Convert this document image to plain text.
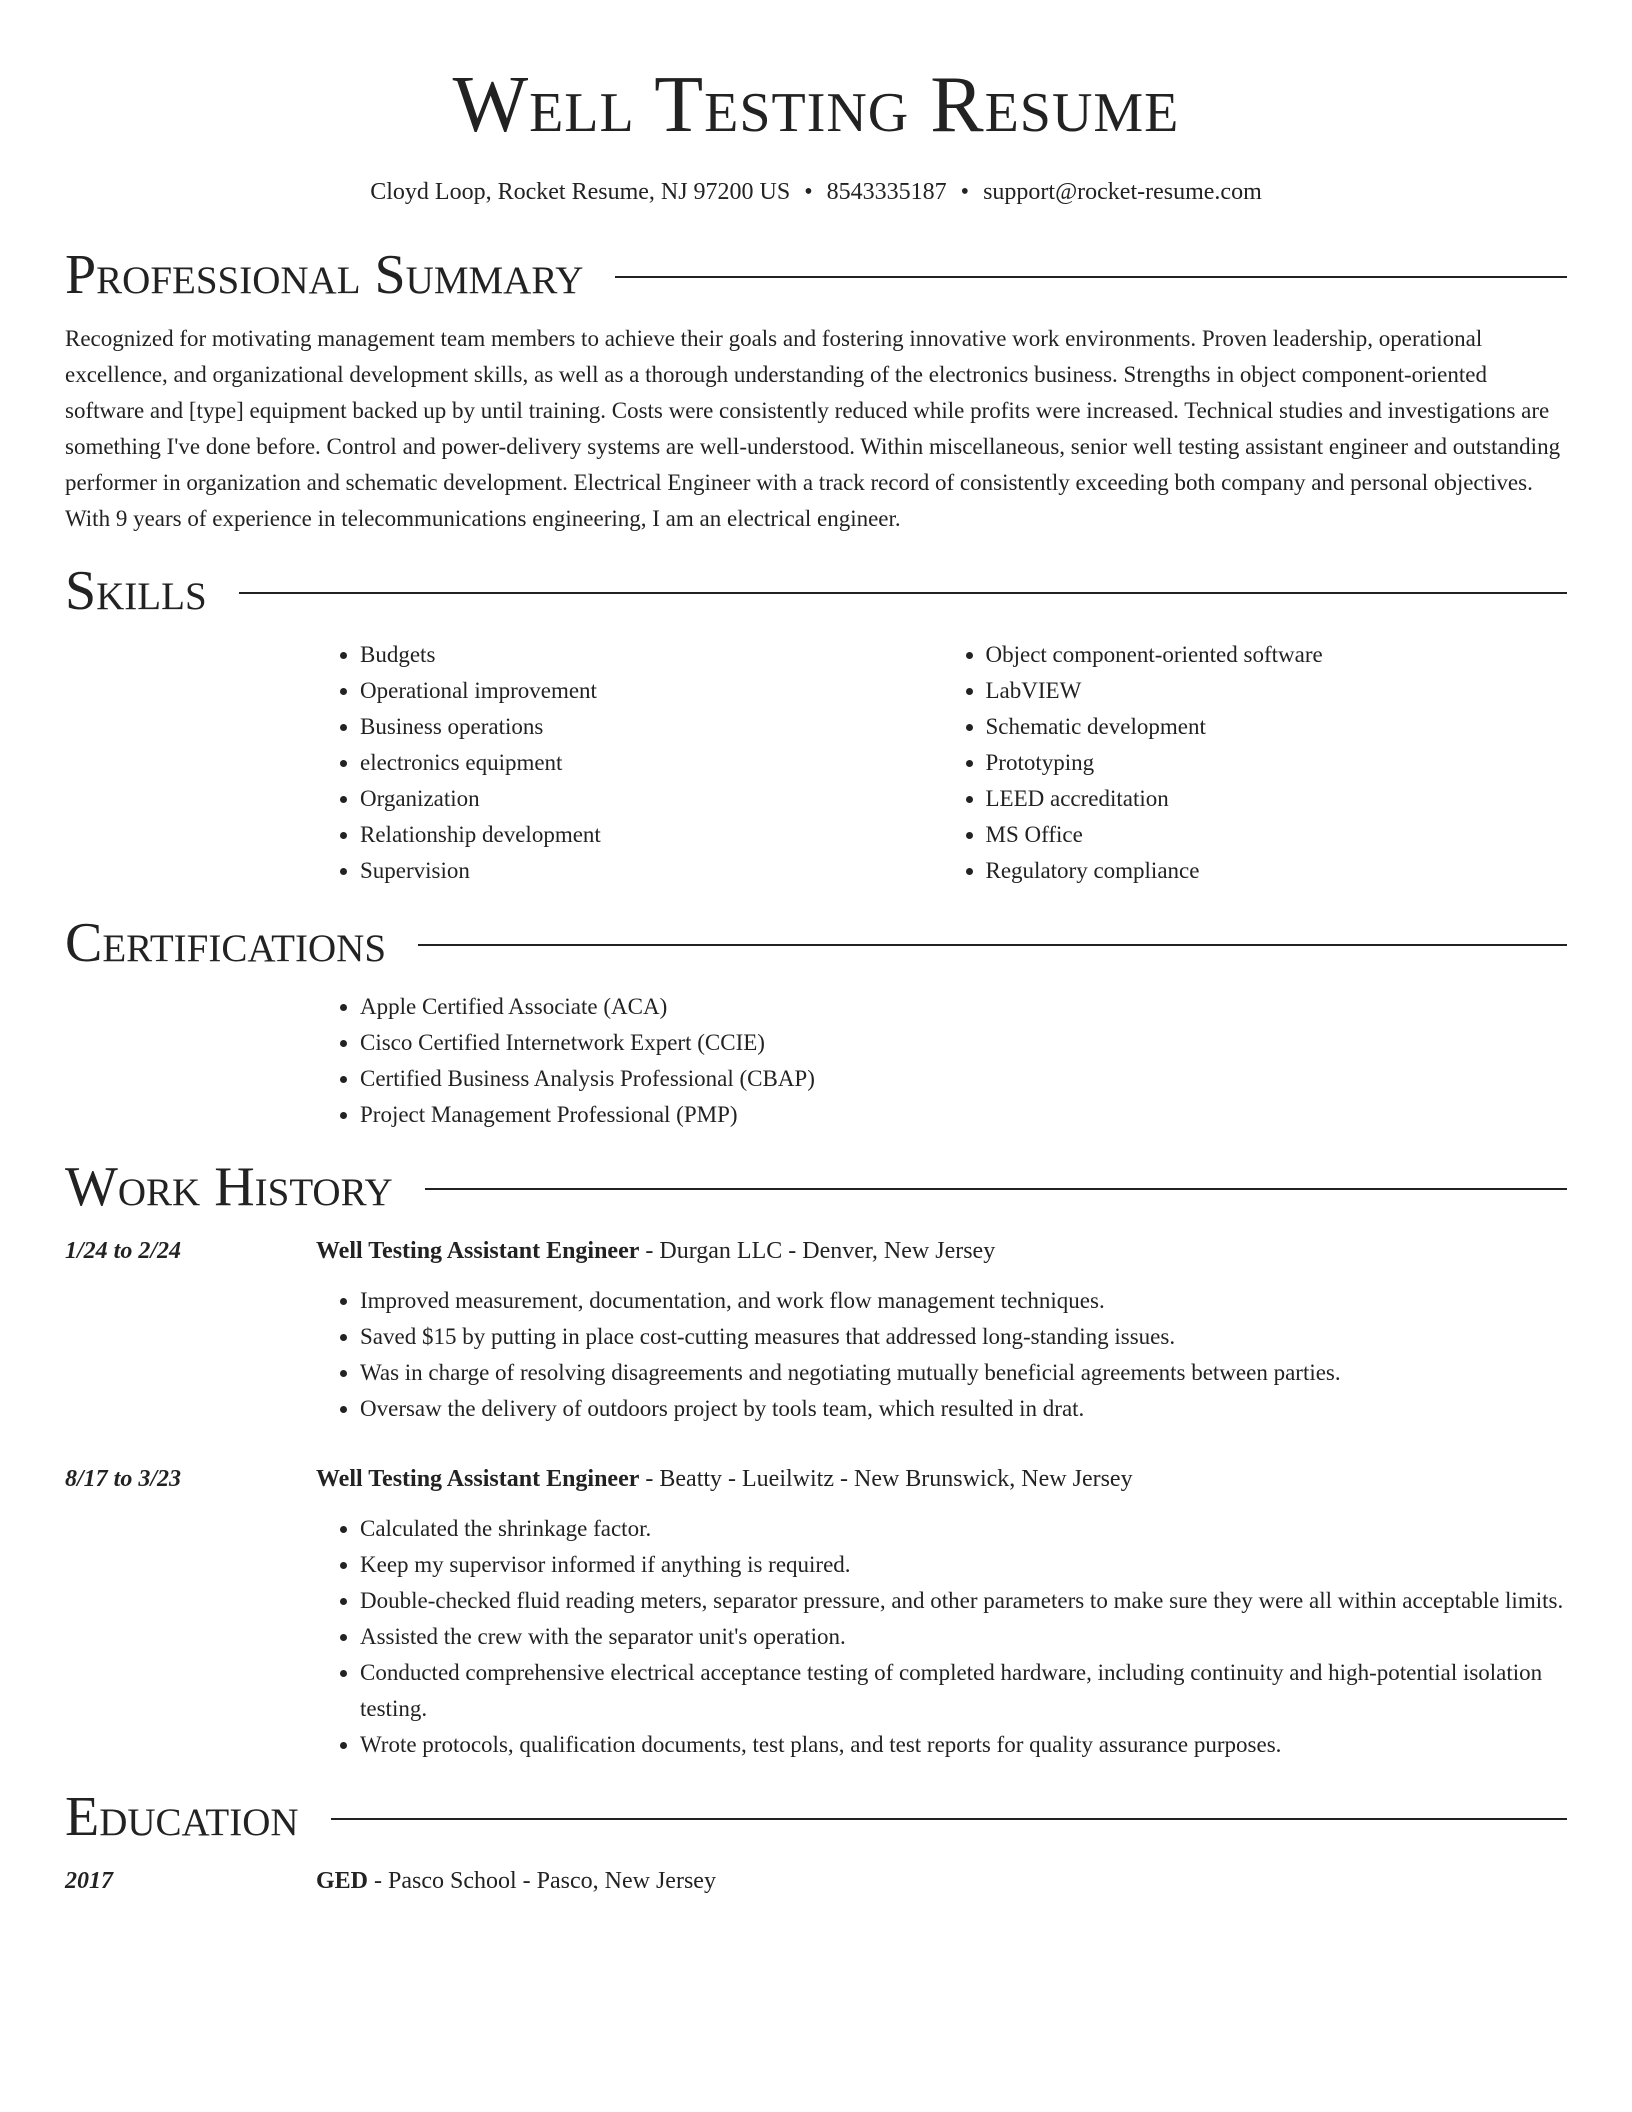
Well Testing Resume
Cloyd Loop, Rocket Resume, NJ 97200 US • 8543335187 • support@rocket-resume.com
Professional Summary

Recognized for motivating management team members to achieve their goals and fostering innovative work environments. Proven leadership, operational excellence, and organizational development skills, as well as a thorough understanding of the electronics business. Strengths in object component-oriented software and [type] equipment backed up by until training. Costs were consistently reduced while profits were increased. Technical studies and investigations are something I've done before. Control and power-delivery systems are well-understood. Within miscellaneous, senior well testing assistant engineer and outstanding performer in organization and schematic development. Electrical Engineer with a track record of consistently exceeding both company and personal objectives. With 9 years of experience in telecommunications engineering, I am an electrical engineer.

Skills
• Budgets
• Operational improvement
• Business operations
• electronics equipment
• Organization
• Relationship development
• Supervision
• Object component-oriented software
• LabVIEW
• Schematic development
• Prototyping
• LEED accreditation
• MS Office
• Regulatory compliance
Certifications
• Apple Certified Associate (ACA)
• Cisco Certified Internetwork Expert (CCIE)
• Certified Business Analysis Professional (CBAP)
• Project Management Professional (PMP)
Work History
1/24 to 2/24	Well Testing Assistant Engineer - Durgan LLC - Denver, New Jersey
• Improved measurement, documentation, and work flow management techniques.
• Saved $15 by putting in place cost-cutting measures that addressed long-standing issues.
• Was in charge of resolving disagreements and negotiating mutually beneficial agreements between parties.
• Oversaw the delivery of outdoors project by tools team, which resulted in drat.
8/17 to 3/23	Well Testing Assistant Engineer - Beatty - Lueilwitz - New Brunswick, New Jersey
• Calculated the shrinkage factor.
• Keep my supervisor informed if anything is required.
• Double-checked fluid reading meters, separator pressure, and other parameters to make sure they were all within acceptable limits.
• Assisted the crew with the separator unit's operation.
• Conducted comprehensive electrical acceptance testing of completed hardware, including continuity and high-potential isolation testing.
• Wrote protocols, qualification documents, test plans, and test reports for quality assurance purposes.
Education
2017	GED - Pasco School - Pasco, New Jersey
